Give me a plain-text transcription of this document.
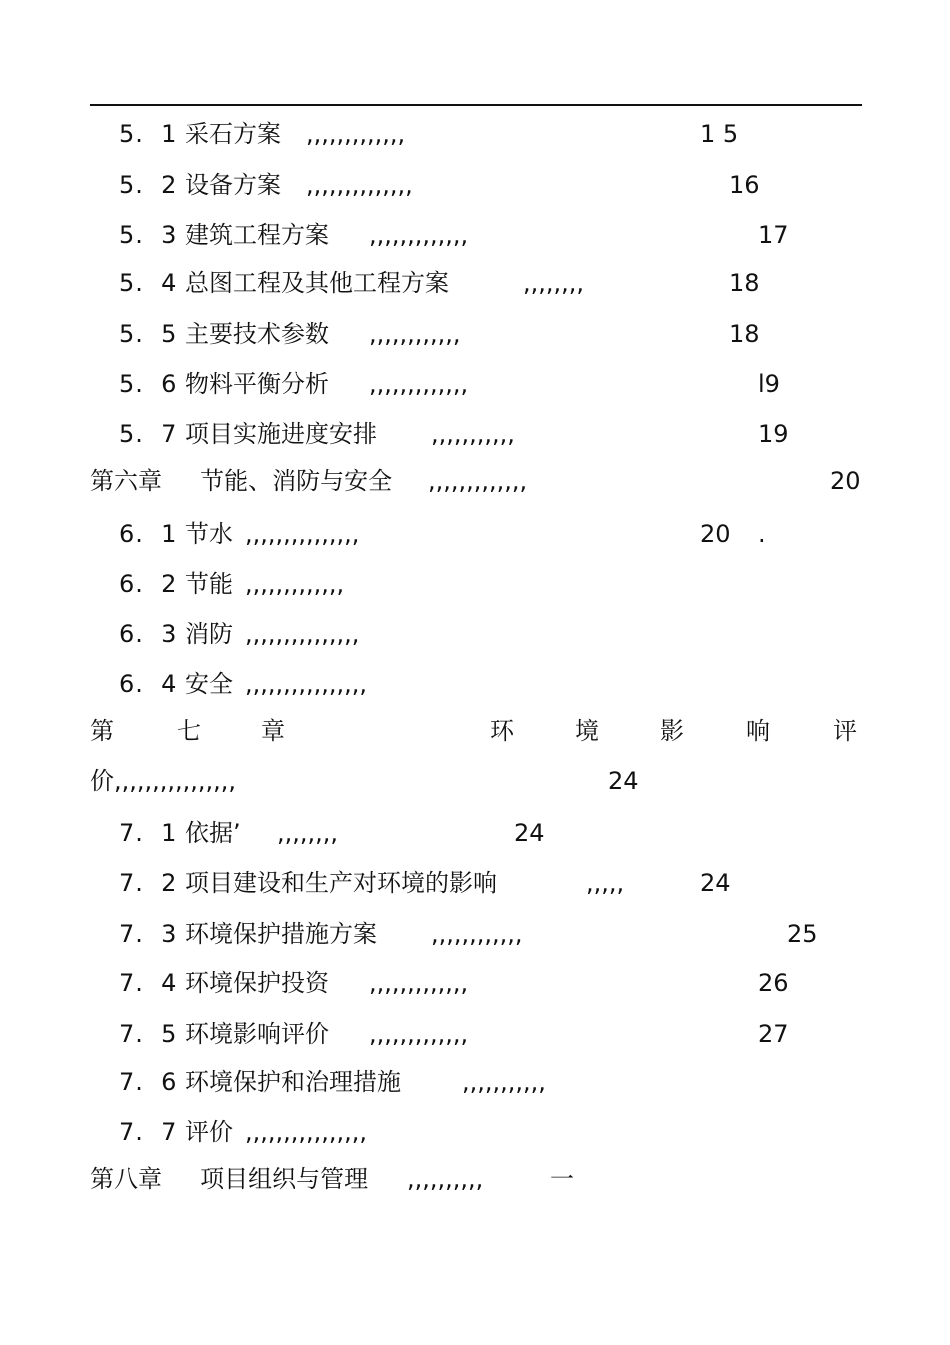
5.  1 采石方案 ,,,,,,,,,,,,,	1 5
5.  2 设备方案 ,,,,,,,,,,,,,,	16
5.  3 建筑工程方案 ,,,,,,,,,,,,,	17
5.  4 总图工程及其他工程方案	,,,,,,,,	18
5.  5 主要技术参数 ,,,,,,,,,,,,	18
5.  6 物料平衡分析 ,,,,,,,,,,,,,	l9
5.  7 项目实施进度安排 ,,,,,,,,,,,	19
第六章     节能、消防与安全 ,,,,,,,,,,,,,	20
6.  1 节水 ,,,,,,,,,,,,,,,	20 .
6.  2 节能 ,,,,,,,,,,,,,
6.  3 消防 ,,,,,,,,,,,,,,,
6.  4 安全 ,,,,,,,,,,,,,,,,
第	七	章	环	境	影	响	评
价,,,,,,,,,,,,,,,,	24
7.  1 依据’ ,,,,,,,,	24
7.  2 项目建设和生产对环境的影响	,,,,,	24
7.  3 环境保护措施方案 ,,,,,,,,,,,,	25
7.  4 环境保护投资 ,,,,,,,,,,,,,	26
7.  5 环境影响评价 ,,,,,,,,,,,,,	27
7.  6 环境保护和治理措施	,,,,,,,,,,,
7.  7 评价 ,,,,,,,,,,,,,,,,
第八章     项目组织与管理 ,,,,,,,,,,	一
